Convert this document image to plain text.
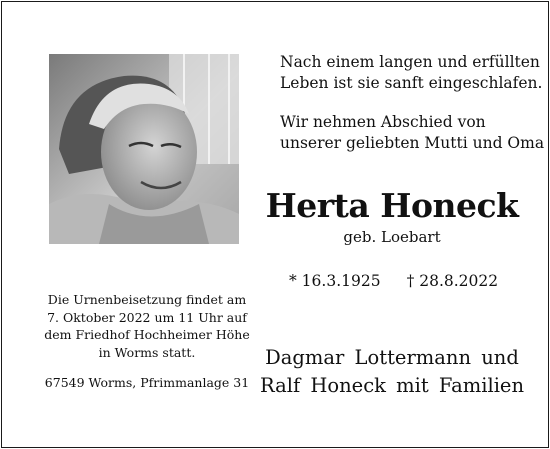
Nach einem langen und erfüllten
Leben ist sie sanft eingeschlafen.
Wir nehmen Abschied von
unserer geliebten Mutti und Oma
Herta Honeck
geb. Loebart
* 16.3.1925 † 28.8.2022
Die Urnenbeisetzung findet am
7. Oktober 2022 um 11 Uhr auf
dem Friedhof Hochheimer Höhe
in Worms statt.
67549 Worms, Pfrimmanlage 31
Dagmar Lottermann und
Ralf Honeck mit Familien
